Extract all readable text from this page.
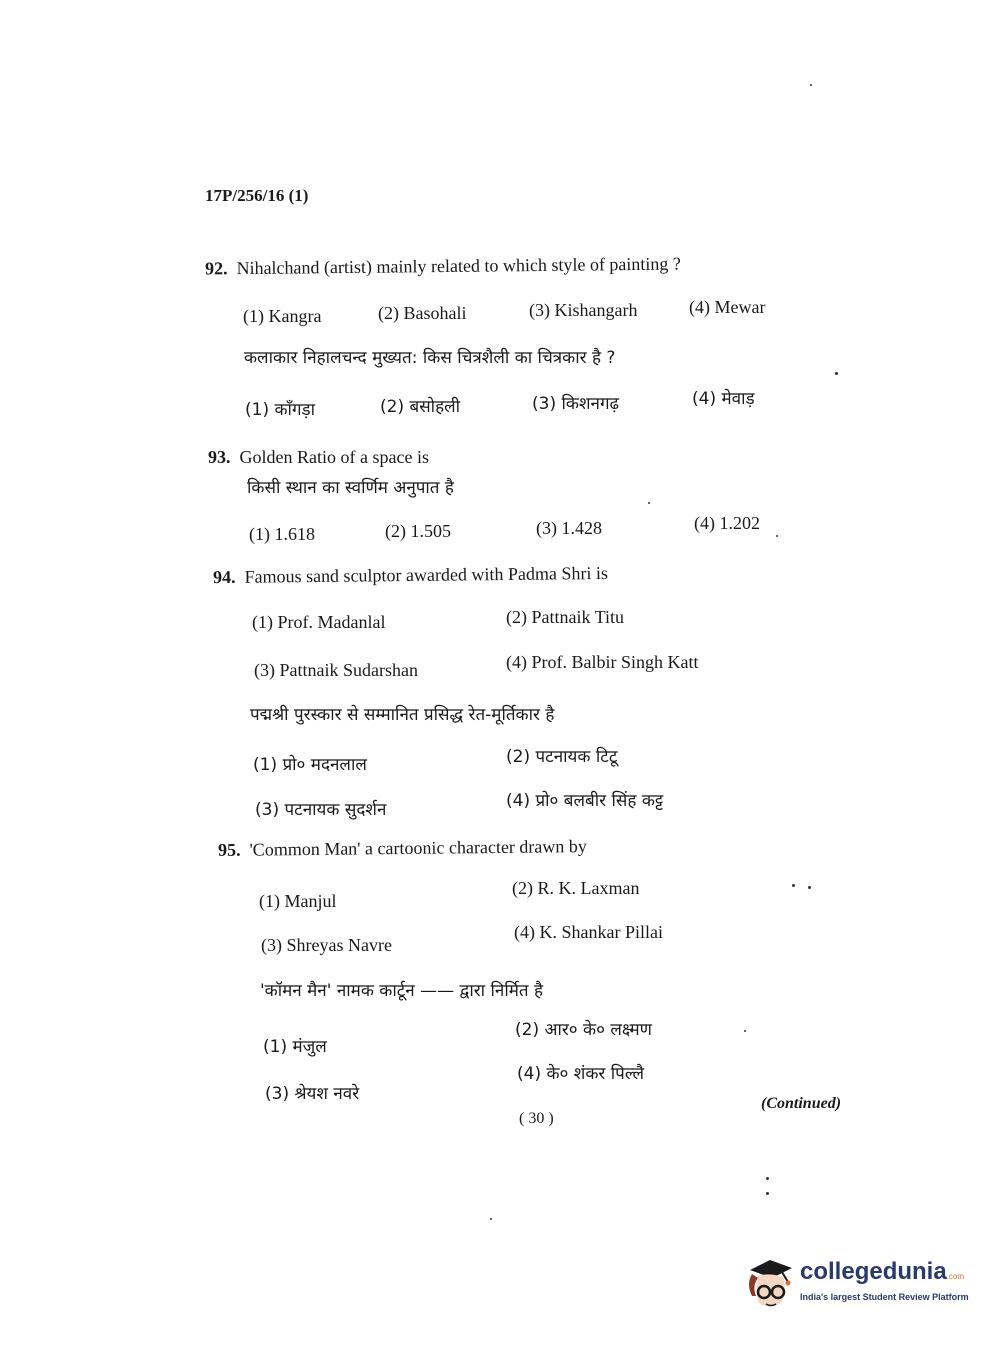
17P/256/16 (1)
92. Nihalchand (artist) mainly related to which style of painting ?
(1) Kangra	(2) Basohali	(3) Kishangarh	(4) Mewar
कलाकार निहालचन्द मुख्यत: किस चित्रशैली का चित्रकार है ?
(1) काँगड़ा	(2) बसोहली	(3) किशनगढ़	(4) मेवाड़
93. Golden Ratio of a space is
किसी स्थान का स्वर्णिम अनुपात है
(1) 1.618	(2) 1.505	(3) 1.428	(4) 1.202
94. Famous sand sculptor awarded with Padma Shri is
(1) Prof. Madanlal	(2) Pattnaik Titu
(3) Pattnaik Sudarshan	(4) Prof. Balbir Singh Katt
पद्मश्री पुरस्कार से सम्मानित प्रसिद्ध रेत-मूर्तिकार है
(1) प्रो० मदनलाल	(2) पटनायक टिटू
(3) पटनायक सुदर्शन	(4) प्रो० बलबीर सिंह कट्ट
95. 'Common Man' a cartoonic character drawn by
(1) Manjul
(2) R. K. Laxman
(3) Shreyas Navre
(4) K. Shankar Pillai
'कॉमन मैन' नामक कार्टून —— द्वारा निर्मित है
(1) मंजुल
(2) आर० के० लक्ष्मण
(3) श्रेयश नवरे
(4) के० शंकर पिल्लै
( 30 )
(Continued)
collegedunia.com
India's largest Student Review Platform
